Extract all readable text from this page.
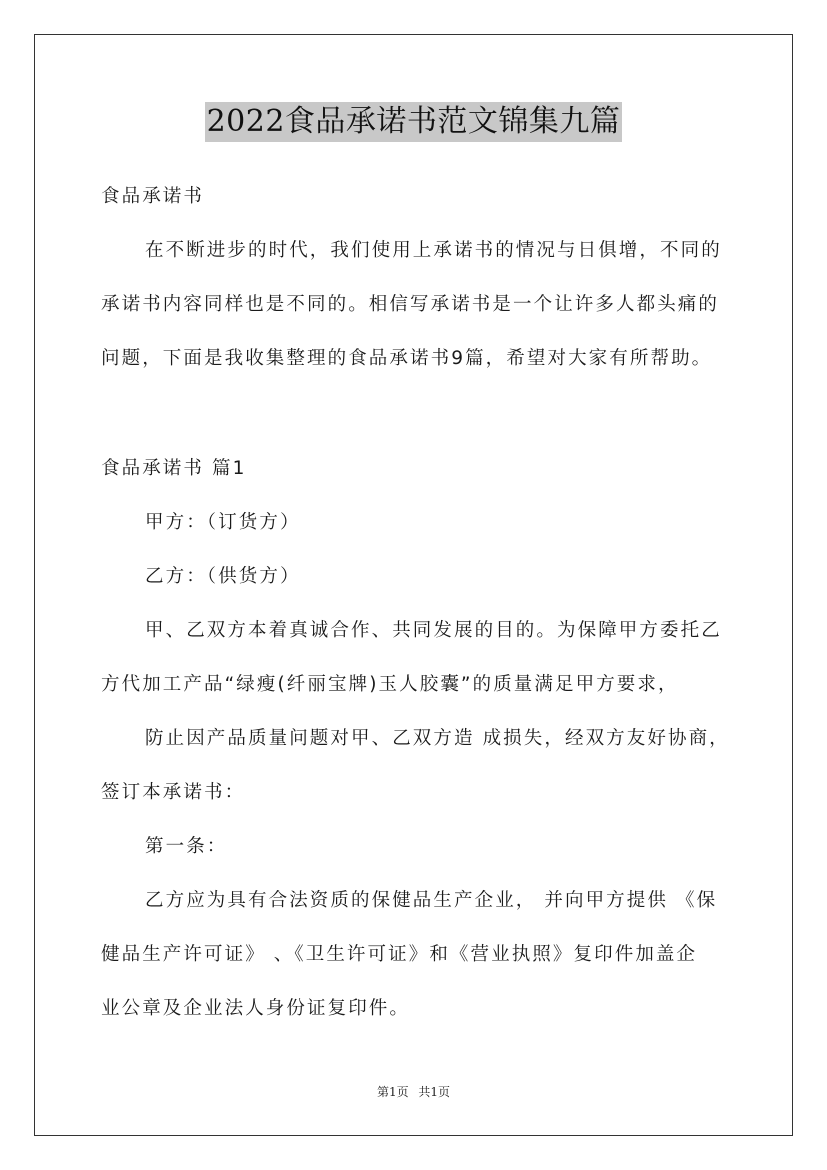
2022食品承诺书范文锦集九篇
食品承诺书
在不断进步的时代，我们使用上承诺书的情况与日俱增，不同的
承诺书内容同样也是不同的。相信写承诺书是一个让许多人都头痛的
问题，下面是我收集整理的食品承诺书9篇，希望对大家有所帮助。
食品承诺书 篇1
甲方：（订货方）
乙方：（供货方）
甲、乙双方本着真诚合作、共同发展的目的。为保障甲方委托乙
方代加工产品“绿瘦(纤丽宝牌)玉人胶囊”的质量满足甲方要求，
防止因产品质量问题对甲、乙双方造 成损失，经双方友好协商，
签订本承诺书：
第一条：
乙方应为具有合法资质的保健品生产企业， 并向甲方提供 《保
健品生产许可证》 、《卫生许可证》和《营业执照》复印件加盖企
业公章及企业法人身份证复印件。
第1页 共1页
